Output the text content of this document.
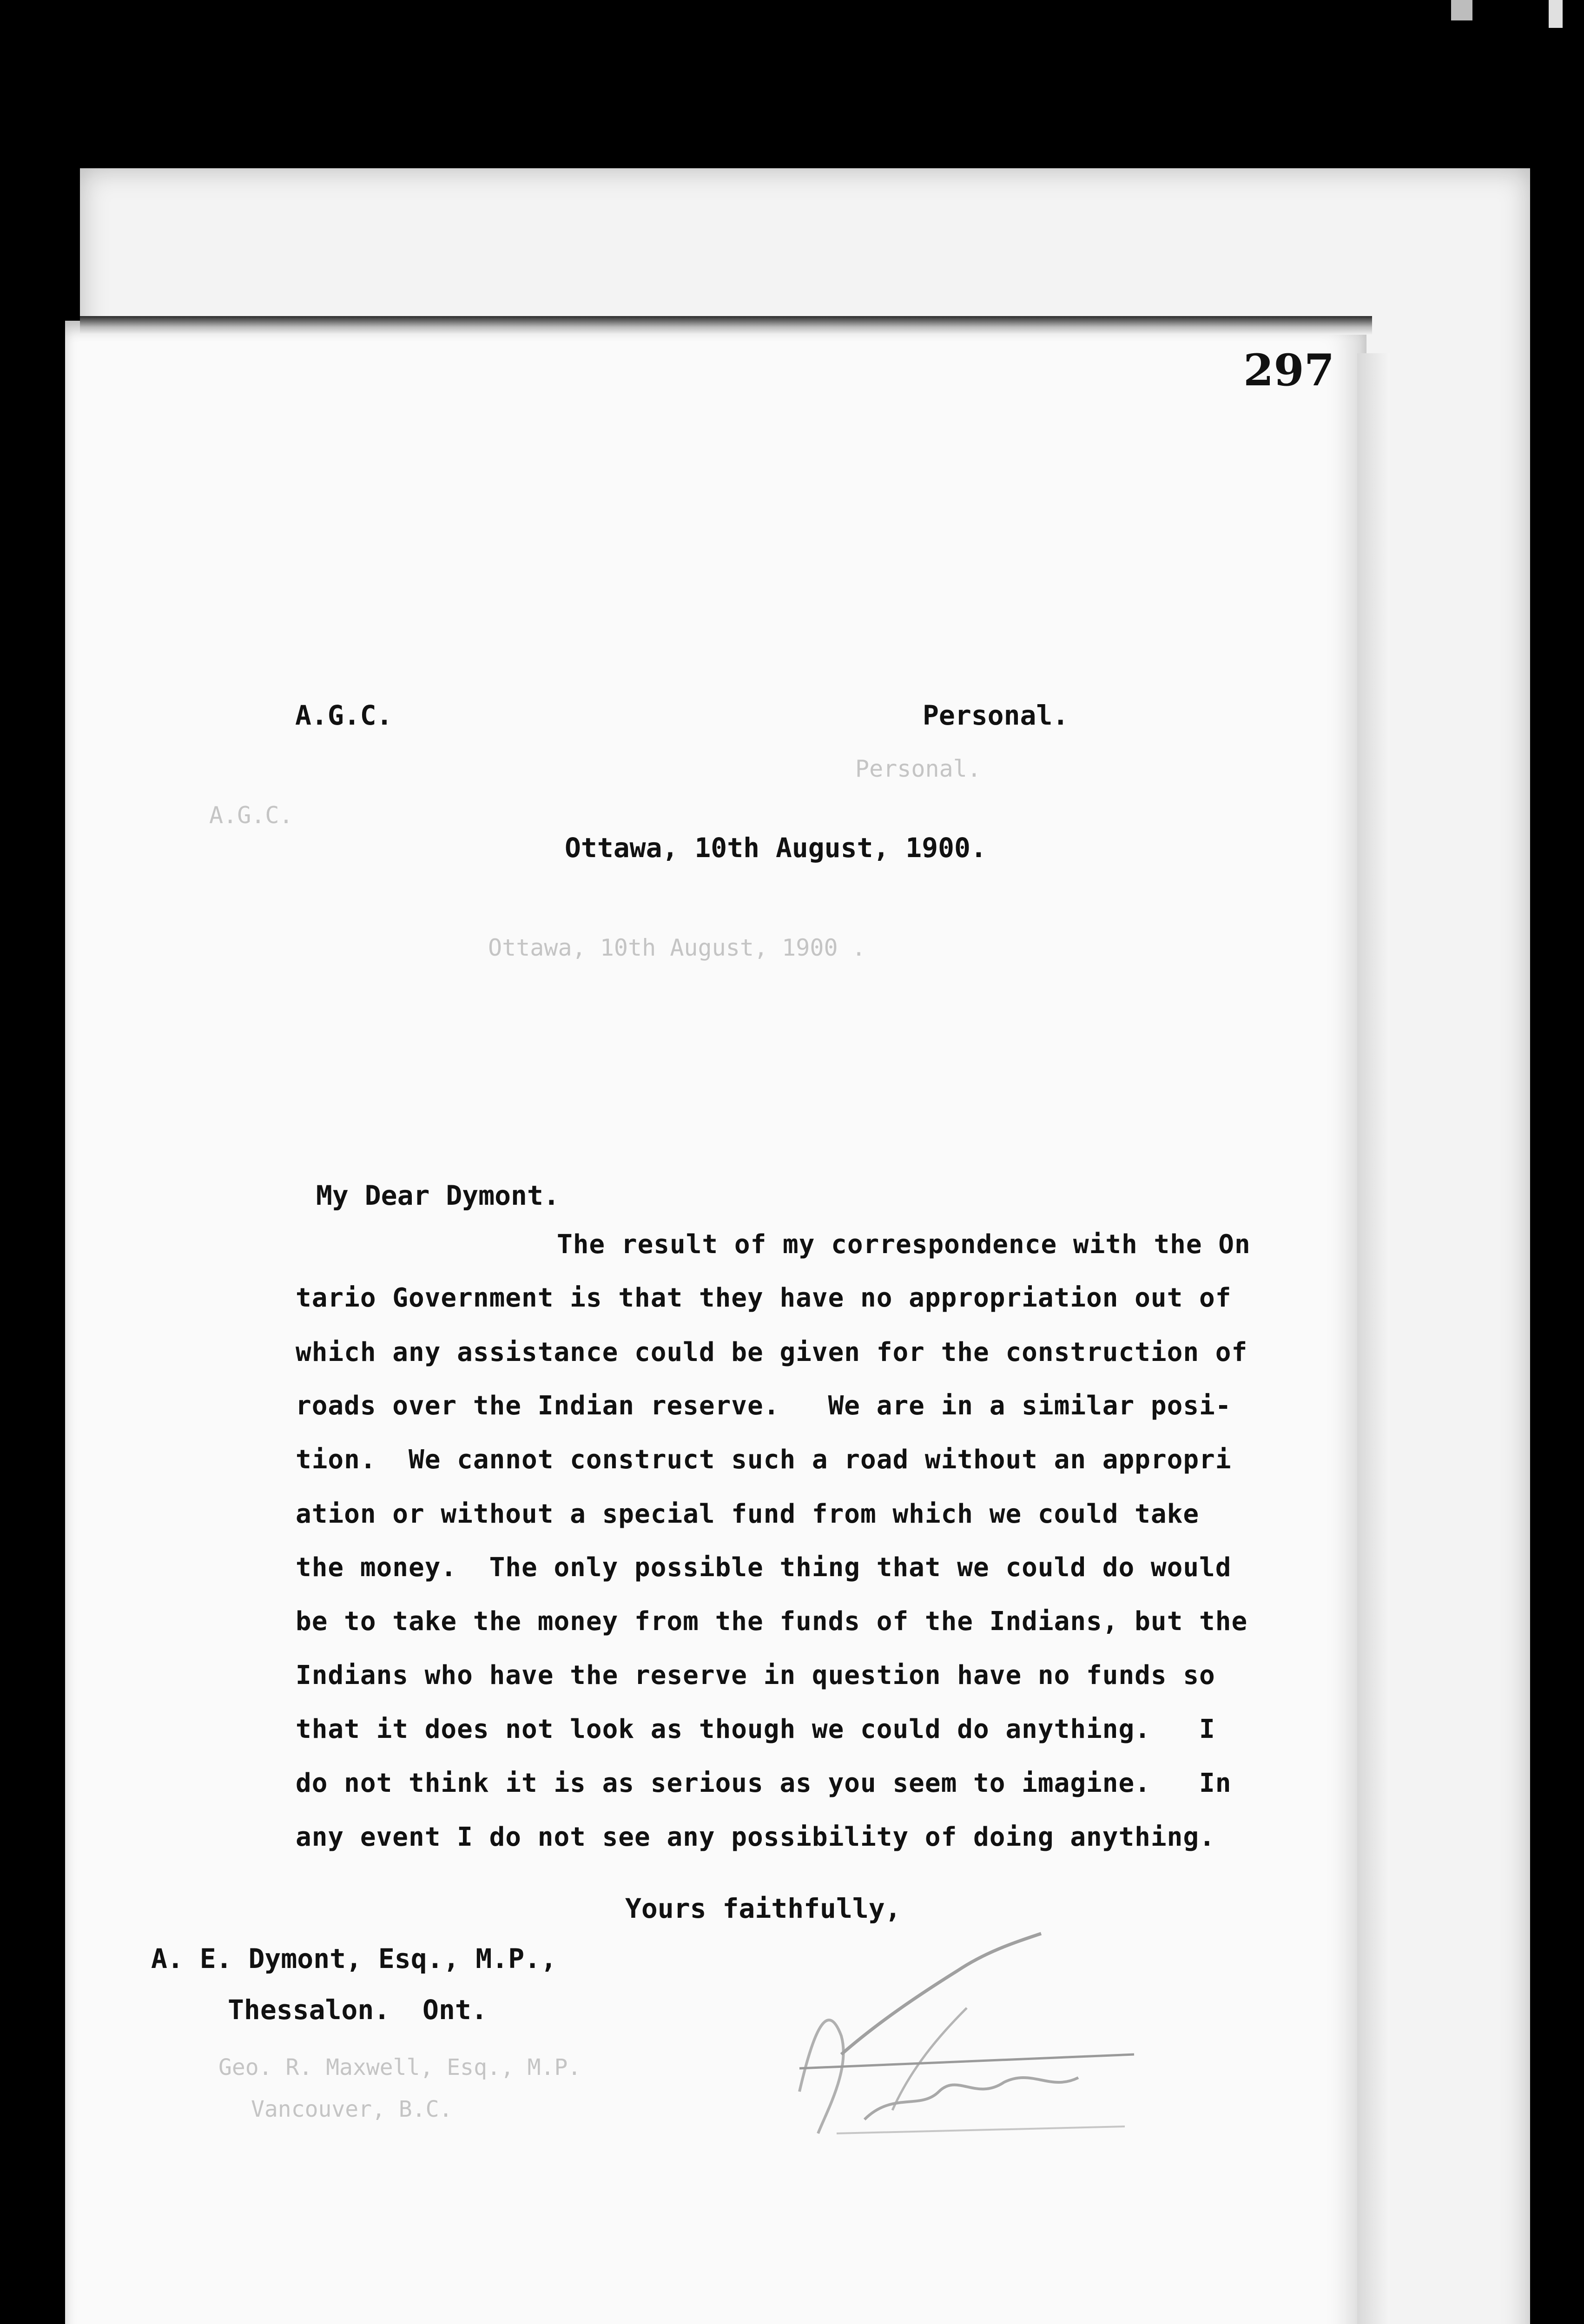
297
Personal.
A.G.C.
Ottawa, 10th August, 1900 .
Geo. R. Maxwell, Esq., M.P.
Vancouver, B.C.
A.G.C.	Personal.
Ottawa, 10th August, 1900.
My Dear Dymont.
The result of my correspondence with the On
tario Government is that they have no appropriation out of
which any assistance could be given for the construction of
roads over the Indian reserve.   We are in a similar posi-
tion.  We cannot construct such a road without an appropri
ation or without a special fund from which we could take
the money.  The only possible thing that we could do would
be to take the money from the funds of the Indians, but the
Indians who have the reserve in question have no funds so
that it does not look as though we could do anything.   I
do not think it is as serious as you seem to imagine.   In
any event I do not see any possibility of doing anything.
Yours faithfully,
A. E. Dymont, Esq., M.P.,
Thessalon.  Ont.
